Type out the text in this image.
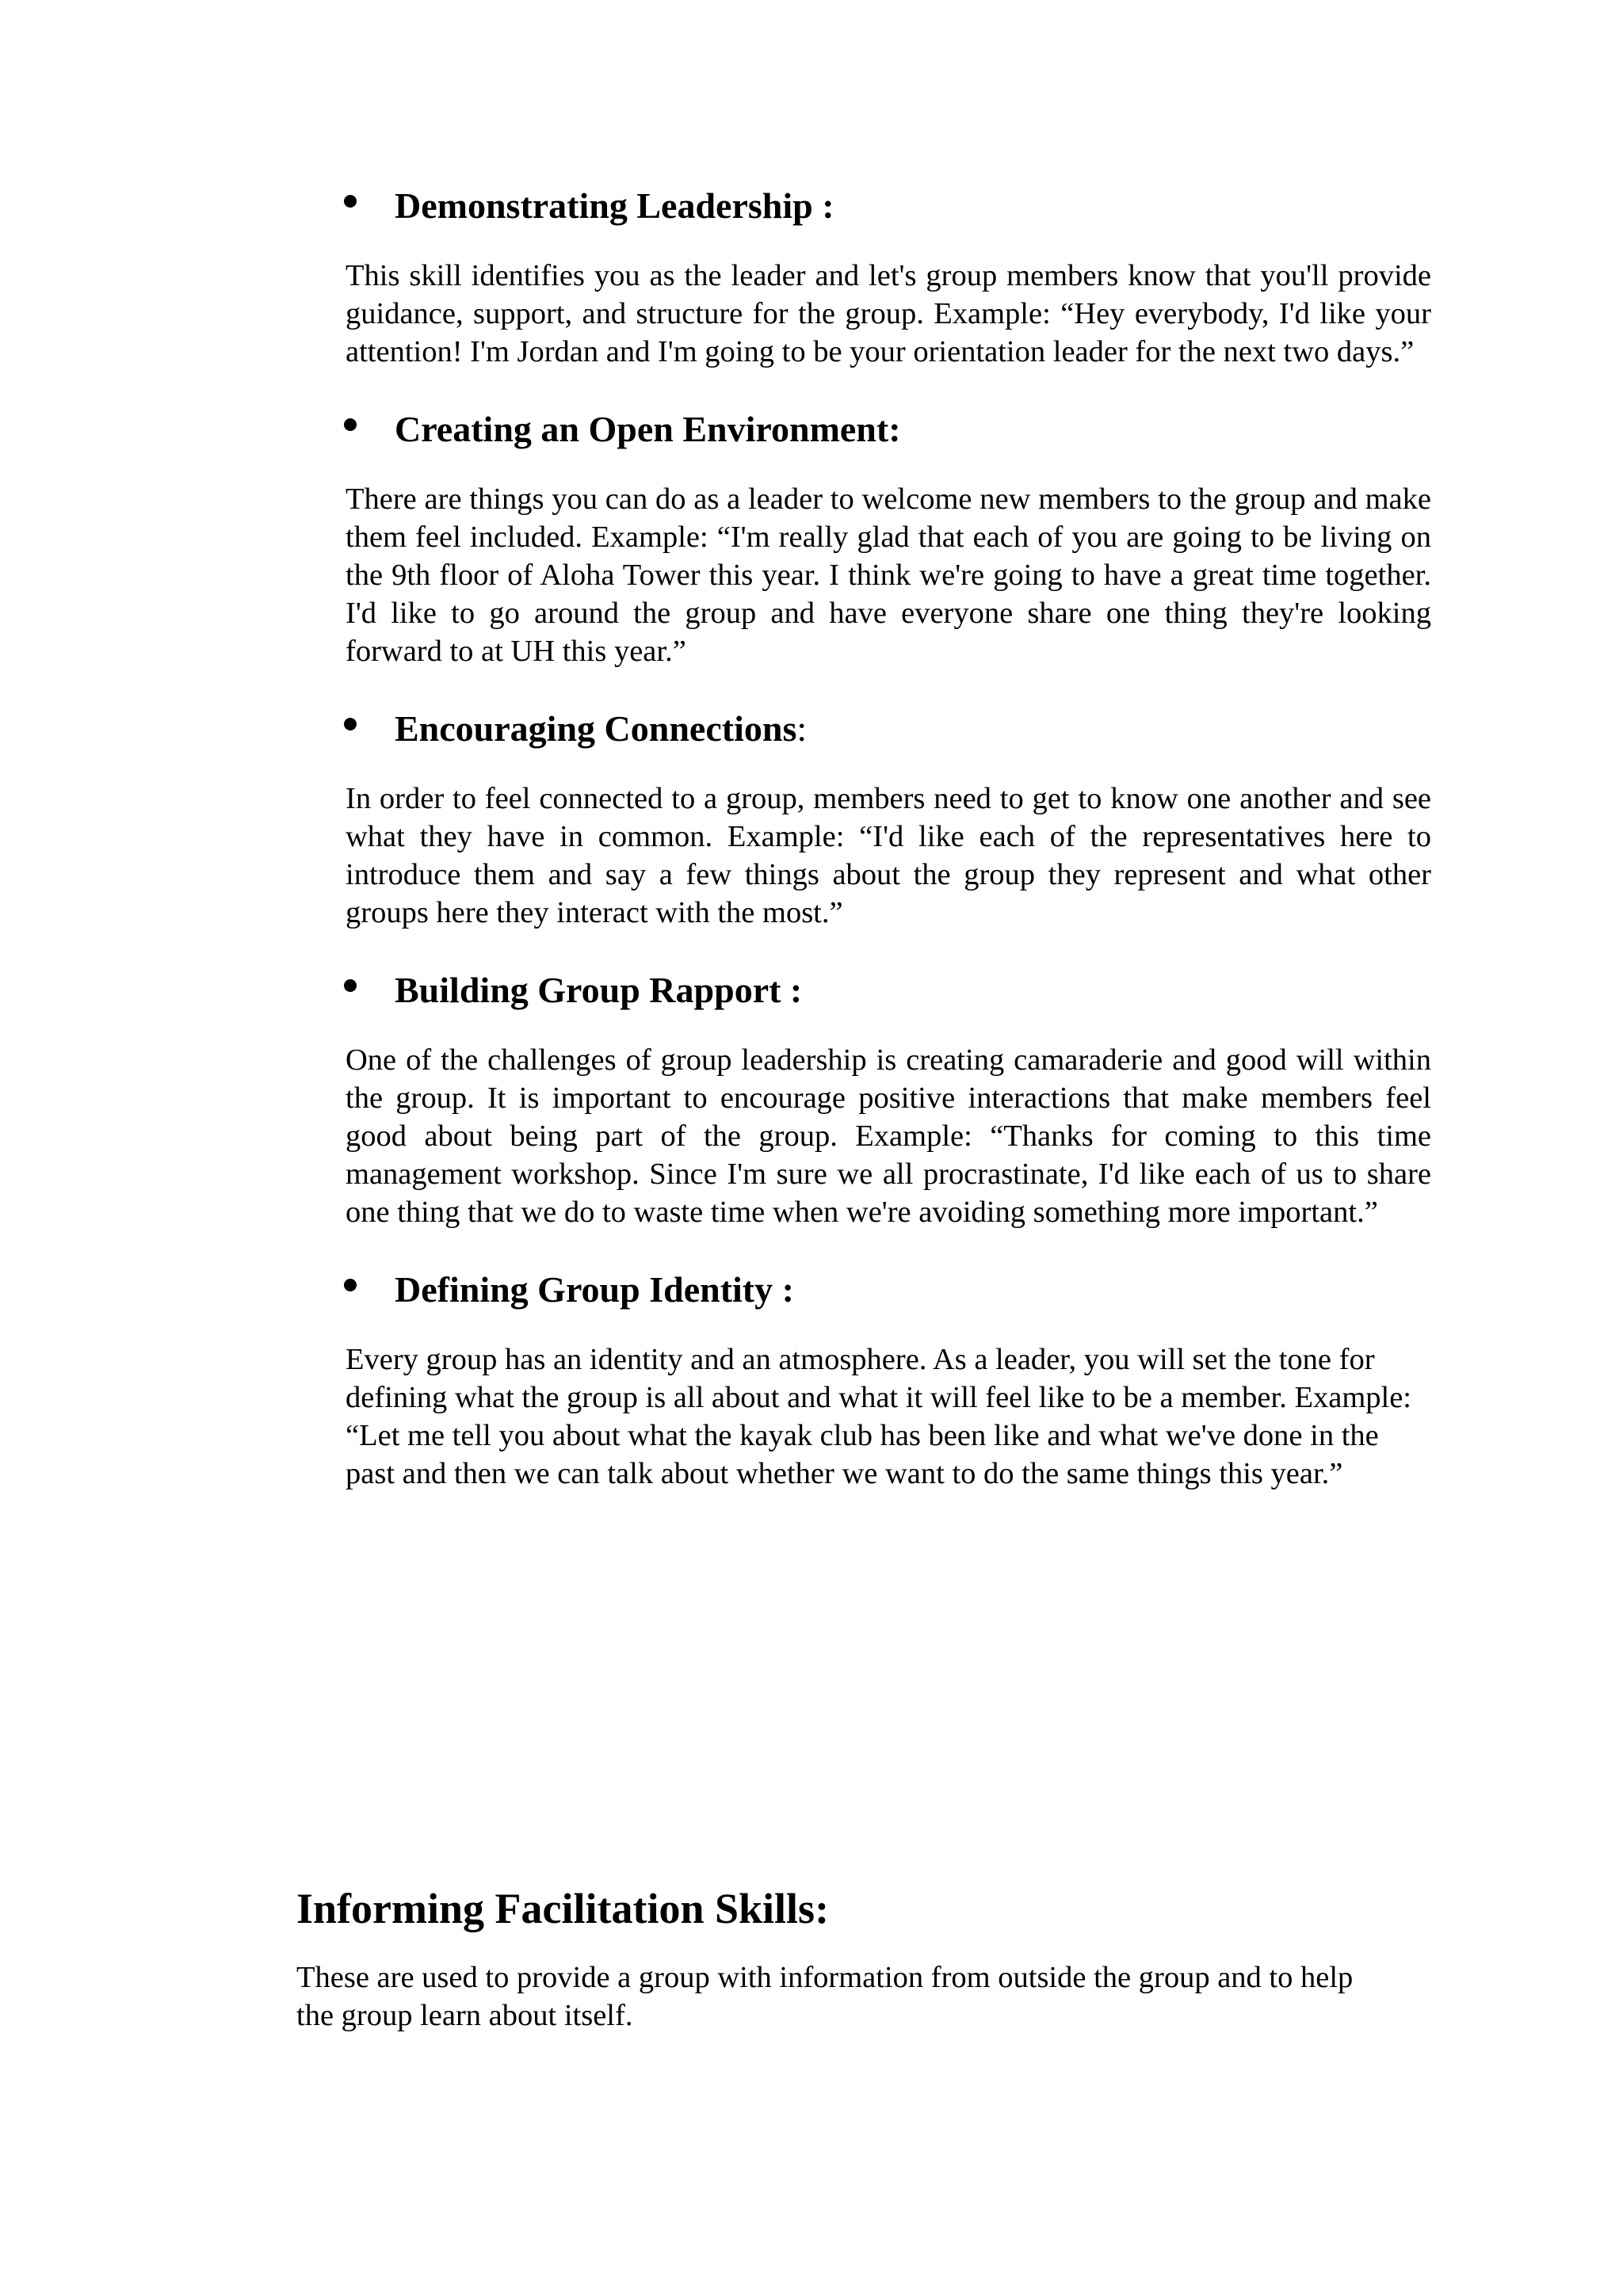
Demonstrating Leadership :

This skill identifies you as the leader and let's group members know that you'll provide guidance, support, and structure for the group. Example: “Hey everybody, I'd like your attention! I'm Jordan and I'm going to be your orientation leader for the next two days.”

Creating an Open Environment:

There are things you can do as a leader to welcome new members to the group and make them feel included. Example: “I'm really glad that each of you are going to be living on the 9th floor of Aloha Tower this year. I think we're going to have a great time together. I'd like to go around the group and have everyone share one thing they're looking forward to at UH this year.”

Encouraging Connections:

In order to feel connected to a group, members need to get to know one another and see what they have in common. Example: “I'd like each of the representatives here to introduce them and say a few things about the group they represent and what other groups here they interact with the most.”

Building Group Rapport :

One of the challenges of group leadership is creating camaraderie and good will within the group. It is important to encourage positive interactions that make members feel good about being part of the group. Example: “Thanks for coming to this time management workshop. Since I'm sure we all procrastinate, I'd like each of us to share one thing that we do to waste time when we're avoiding something more important.”

Defining Group Identity :

Every group has an identity and an atmosphere. As a leader, you will set the tone for defining what the group is all about and what it will feel like to be a member. Example: “Let me tell you about what the kayak club has been like and what we've done in the past and then we can talk about whether we want to do the same things this year.”

Informing Facilitation Skills:

These are used to provide a group with information from outside the group and to help the group learn about itself.
